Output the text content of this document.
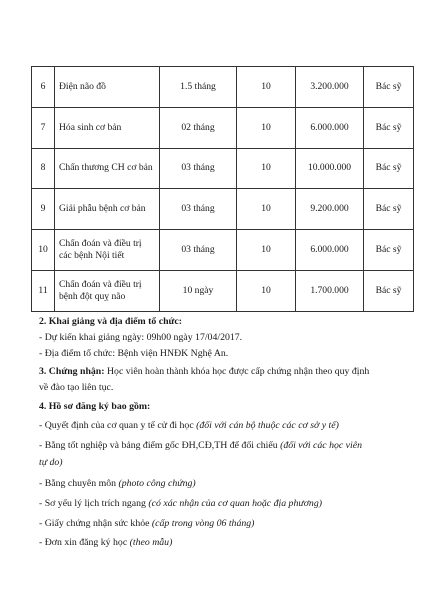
6	Điện não đồ	1.5 tháng	10	3.200.000	Bác sỹ
7	Hóa sinh cơ bản	02 tháng	10	6.000.000	Bác sỹ
8	Chấn thương CH cơ bản	03 tháng	10	10.000.000	Bác sỹ
9	Giải phẫu bệnh cơ bản	03 tháng	10	9.200.000	Bác sỹ
10	Chẩn đoán và điều trị các bệnh Nội tiết	03 tháng	10	6.000.000	Bác sỹ
11	Chẩn đoán và điều trị bệnh đột quỵ não	10 ngày	10	1.700.000	Bác sỹ
2. Khai giảng và địa điểm tổ chức:
- Dự kiến khai giảng ngày: 09h00 ngày 17/04/2017.
- Địa điểm tổ chức: Bệnh viện HNĐK Nghệ An.
3. Chứng nhận: Học viên hoàn thành khóa học được cấp chứng nhận theo quy định
về đào tạo liên tục.
4. Hồ sơ đăng ký bao gồm:
- Quyết định của cơ quan y tế cử đi học (đối với cán bộ thuộc các cơ sở y tế)
- Bằng tốt nghiệp và bảng điểm gốc ĐH,CĐ,TH để đối chiếu (đối với các học viên
tự do)
- Bằng chuyên môn (photo công chứng)
- Sơ yếu lý lịch trích ngang (có xác nhận của cơ quan hoặc địa phương)
- Giấy chứng nhận sức khỏe (cấp trong vòng 06 tháng)
- Đơn xin đăng ký học (theo mẫu)
